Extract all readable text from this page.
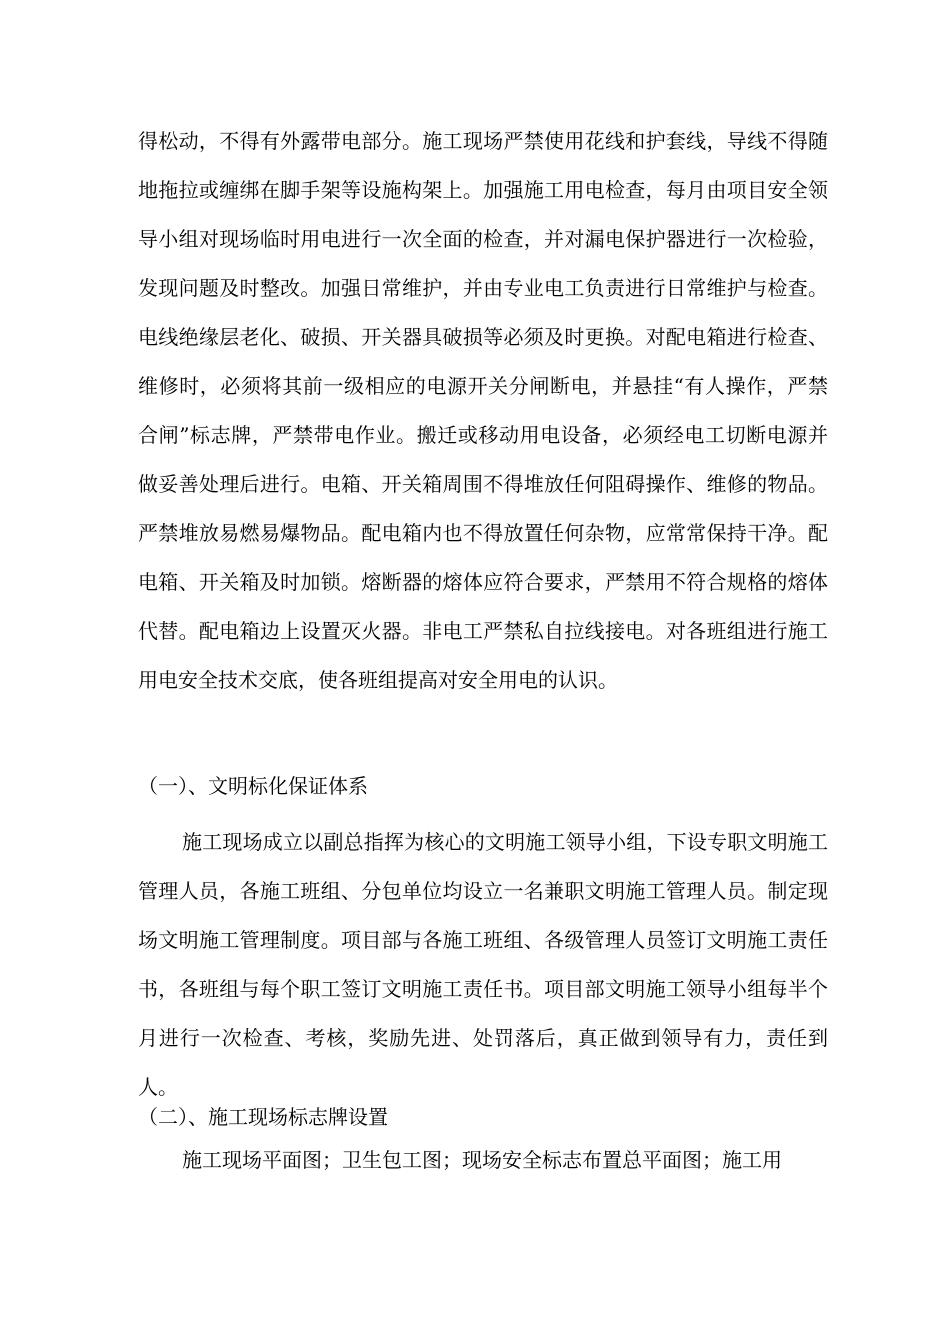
得松动，不得有外露带电部分。施工现场严禁使用花线和护套线，导线不得随地拖拉或缠绑在脚手架等设施构架上。加强施工用电检查，每月由项目安全领导小组对现场临时用电进行一次全面的检查，并对漏电保护器进行一次检验，发现问题及时整改。加强日常维护，并由专业电工负责进行日常维护与检查。电线绝缘层老化、破损、开关器具破损等必须及时更换。对配电箱进行检查、维修时，必须将其前一级相应的电源开关分闸断电，并悬挂“有人操作，严禁合闸”标志牌，严禁带电作业。搬迁或移动用电设备，必须经电工切断电源并做妥善处理后进行。电箱、开关箱周围不得堆放任何阻碍操作、维修的物品。严禁堆放易燃易爆物品。配电箱内也不得放置任何杂物，应常常保持干净。配电箱、开关箱及时加锁。熔断器的熔体应符合要求，严禁用不符合规格的熔体代替。配电箱边上设置灭火器。非电工严禁私自拉线接电。对各班组进行施工用电安全技术交底，使各班组提高对安全用电的认识。

（一）、文明标化保证体系

施工现场成立以副总指挥为核心的文明施工领导小组，下设专职文明施工管理人员，各施工班组、分包单位均设立一名兼职文明施工管理人员。制定现场文明施工管理制度。项目部与各施工班组、各级管理人员签订文明施工责任书，各班组与每个职工签订文明施工责任书。项目部文明施工领导小组每半个月进行一次检查、考核，奖励先进、处罚落后，真正做到领导有力，责任到人。

（二）、施工现场标志牌设置

施工现场平面图；卫生包工图；现场安全标志布置总平面图；施工用
